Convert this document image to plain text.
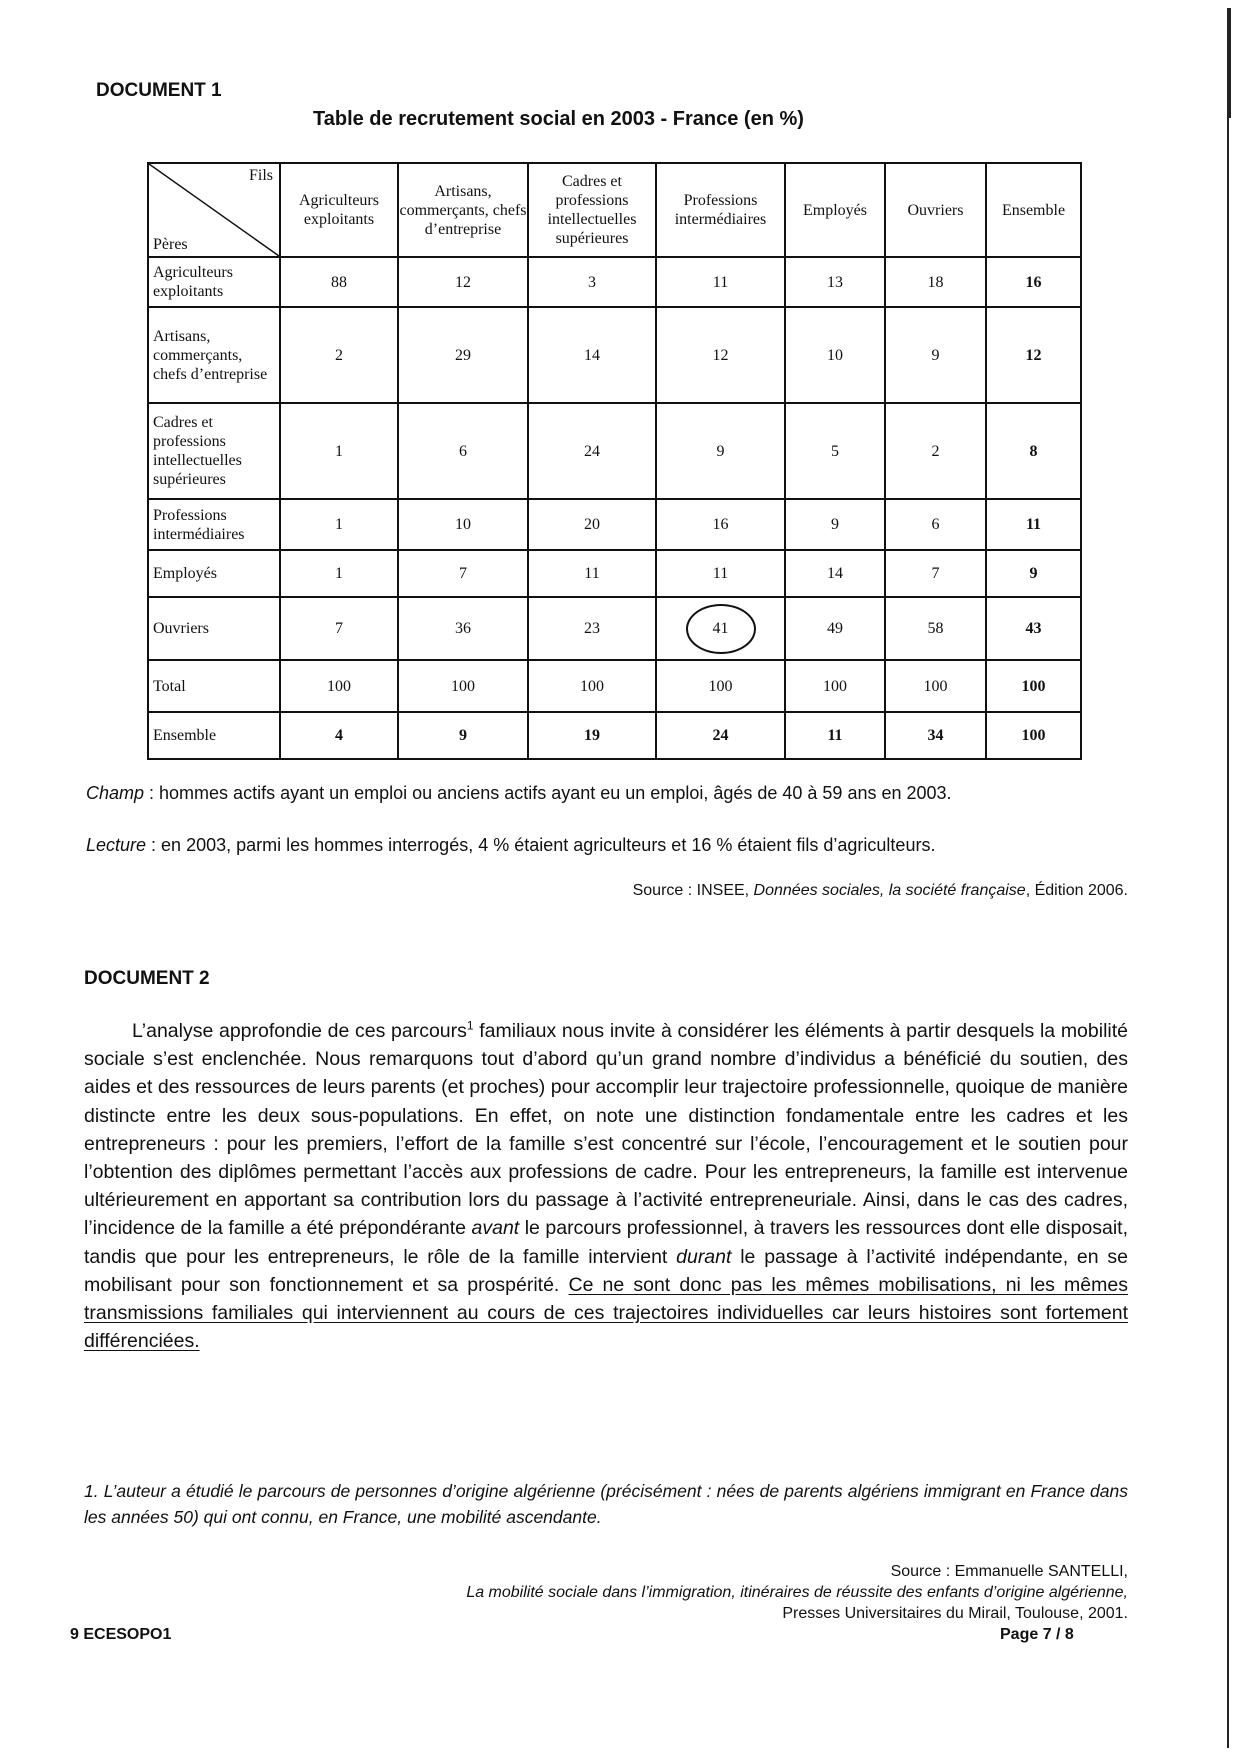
DOCUMENT 1
Table de recrutement social en 2003 - France (en %)
Fils
Pères	Agriculteurs exploitants	Artisans, commerçants, chefs d’entreprise	Cadres et professions intellectuelles supérieures	Professions intermédiaires	Employés	Ouvriers	Ensemble
Agriculteurs exploitants	88	12	3	11	13	18	16
Artisans, commerçants, chefs d’entreprise	2	29	14	12	10	9	12
Cadres et professions intellectuelles supérieures	1	6	24	9	5	2	8
Professions intermédiaires	1	10	20	16	9	6	11
Employés	1	7	11	11	14	7	9
Ouvriers	7	36	23	41	49	58	43
Total	100	100	100	100	100	100	100
Ensemble	4	9	19	24	11	34	100
Champ : hommes actifs ayant un emploi ou anciens actifs ayant eu un emploi, âgés de 40 à 59 ans en 2003.
Lecture : en 2003, parmi les hommes interrogés, 4 % étaient agriculteurs et 16 % étaient fils d’agriculteurs.
Source : INSEE, Données sociales, la société française, Édition 2006.
DOCUMENT 2
L’analyse approfondie de ces parcours$^1$ familiaux nous invite à considérer les éléments à partir desquels la mobilité sociale s’est enclenchée. Nous remarquons tout d’abord qu’un grand nombre d’individus a bénéficié du soutien, des aides et des ressources de leurs parents (et proches) pour accomplir leur trajectoire professionnelle, quoique de manière distincte entre les deux sous-populations. En effet, on note une distinction fondamentale entre les cadres et les entrepreneurs : pour les premiers, l’effort de la famille s’est concentré sur l’école, l’encouragement et le soutien pour l’obtention des diplômes permettant l’accès aux professions de cadre. Pour les entrepreneurs, la famille est intervenue ultérieurement en apportant sa contribution lors du passage à l’activité entrepreneuriale. Ainsi, dans le cas des cadres, l’incidence de la famille a été prépondérante avant le parcours professionnel, à travers les ressources dont elle disposait, tandis que pour les entrepreneurs, le rôle de la famille intervient durant le passage à l’activité indépendante, en se mobilisant pour son fonctionnement et sa prospérité. Ce ne sont donc pas les mêmes mobilisations, ni les mêmes transmissions familiales qui interviennent au cours de ces trajectoires individuelles car leurs histoires sont fortement différenciées.
1. L’auteur a étudié le parcours de personnes d’origine algérienne (précisément : nées de parents algériens immigrant en France dans les années 50) qui ont connu, en France, une mobilité ascendante.
Source : Emmanuelle SANTELLI,
La mobilité sociale dans l’immigration, itinéraires de réussite des enfants d’origine algérienne,
Presses Universitaires du Mirail, Toulouse, 2001.
9 ECESOPO1	Page 7 / 8
